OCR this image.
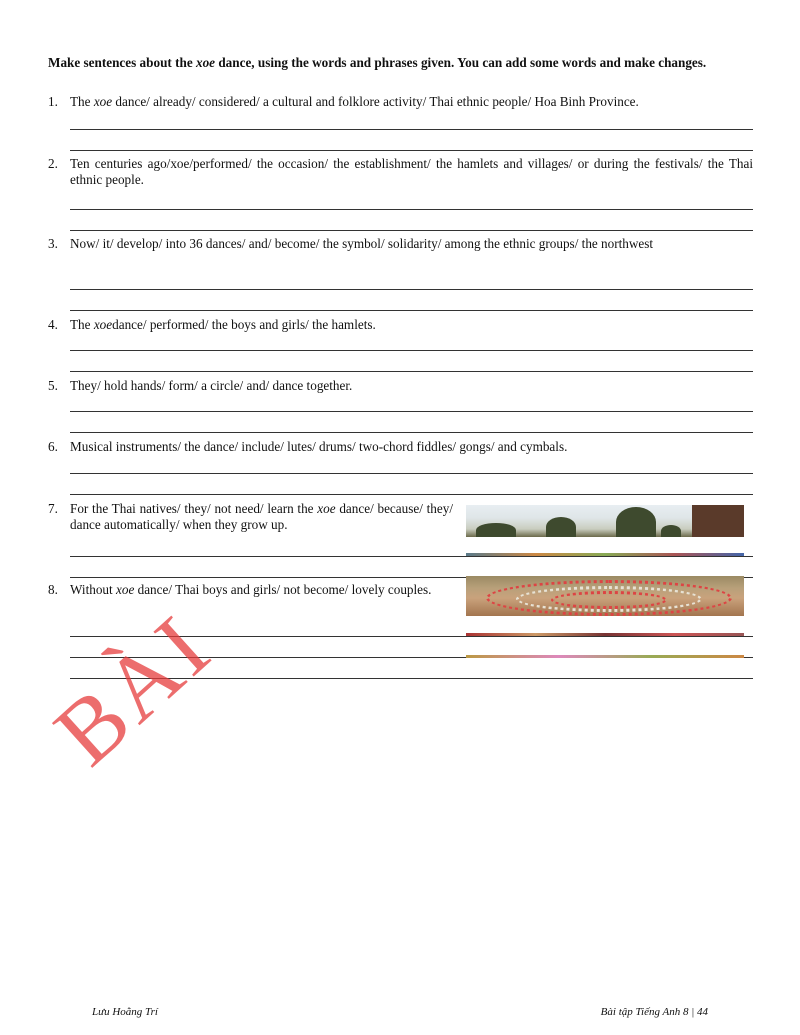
Make sentences about the xoe dance, using the words and phrases given. You can add some words and make changes.
1. The xoe dance/ already/ considered/ a cultural and folklore activity/ Thai ethnic people/ Hoa Binh Province.
2. Ten centuries ago/xoe/performed/ the occasion/ the establishment/ the hamlets and villages/ or during the festivals/ the Thai ethnic people.
3. Now/ it/ develop/ into 36 dances/ and/ become/ the symbol/ solidarity/ among the ethnic groups/ the northwest
4. The xoedance/ performed/ the boys and girls/ the hamlets.
5. They/ hold hands/ form/ a circle/ and/ dance together.
6. Musical instruments/ the dance/ include/ lutes/ drums/ two-chord fiddles/ gongs/ and cymbals.
7. For the Thai natives/ they/ not need/ learn the xoe dance/ because/ they/ dance automatically/ when they grow up.
8. Without xoe dance/ Thai boys and girls/ not become/ lovely couples.
BÀI
Lưu Hoằng Trí	Bài tập Tiếng Anh 8 | 44
